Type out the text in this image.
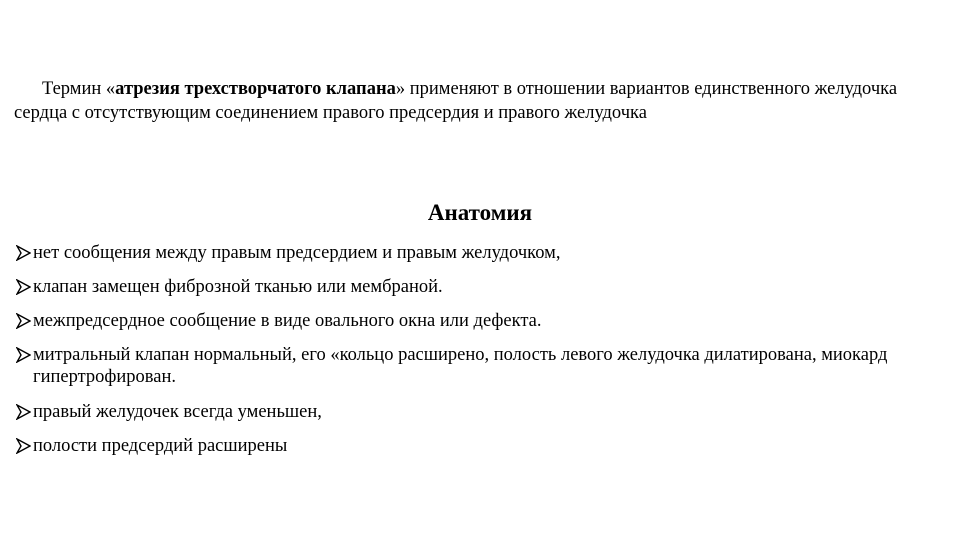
Термин «атрезия трехстворчатого клапана» применяют в отношении вариантов единственного желудочка сердца с отсутствующим соединением правого предсердия и правого желудочка

Анатомия
нет сообщения между правым предсердием и правым желудочком,
клапан замещен фиброзной тканью или мембраной.
межпредсердное сообщение в виде овального окна или дефекта.
митральный клапан нормальный, его «кольцо расширено, полость левого желудочка дилатирована, миокард гипертрофирован.
правый желудочек всегда уменьшен,
полости предсердий расширены
